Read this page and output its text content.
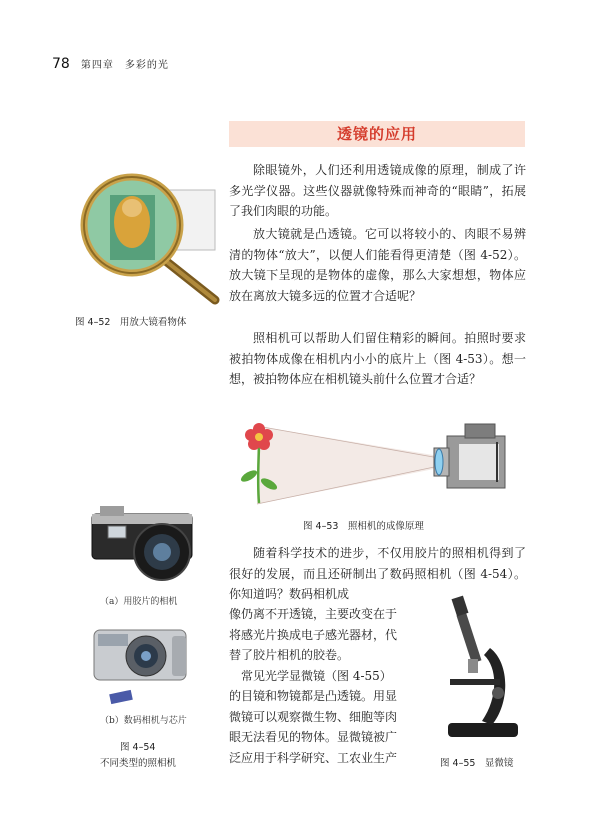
78 第四章　多彩的光
透镜的应用
除眼镜外，人们还利用透镜成像的原理，制成了许多光学仪器。这些仪器就像特殊而神奇的“眼睛”，拓展了我们肉眼的功能。
放大镜就是凸透镜。它可以将较小的、肉眼不易辨清的物体“放大”，以便人们能看得更清楚（图 4-52）。放大镜下呈现的是物体的虚像，那么大家想想，物体应放在离放大镜多远的位置才合适呢？
照相机可以帮助人们留住精彩的瞬间。拍照时要求被拍物体成像在相机内小小的底片上（图 4-53）。想一想，被拍物体应在相机镜头前什么位置才合适？
随着科学技术的进步，不仅用胶片的照相机得到了很好的发展，而且还研制出了数码照相机（图 4-54）。你知道吗？数码相机成
像仍离不开透镜，主要改变在于
将感光片换成电子感光器材，代
替了胶片相机的胶卷。
　常见光学显微镜（图 4-55）
的目镜和物镜都是凸透镜。用显
微镜可以观察微生物、细胞等肉
眼无法看见的物体。显微镜被广
泛应用于科学研究、工农业生产
图 4–52　用放大镜看物体
图 4–53　照相机的成像原理
（a）用胶片的相机
（b）数码相机与芯片
图 4–54
不同类型的照相机	图 4–55　显微镜
